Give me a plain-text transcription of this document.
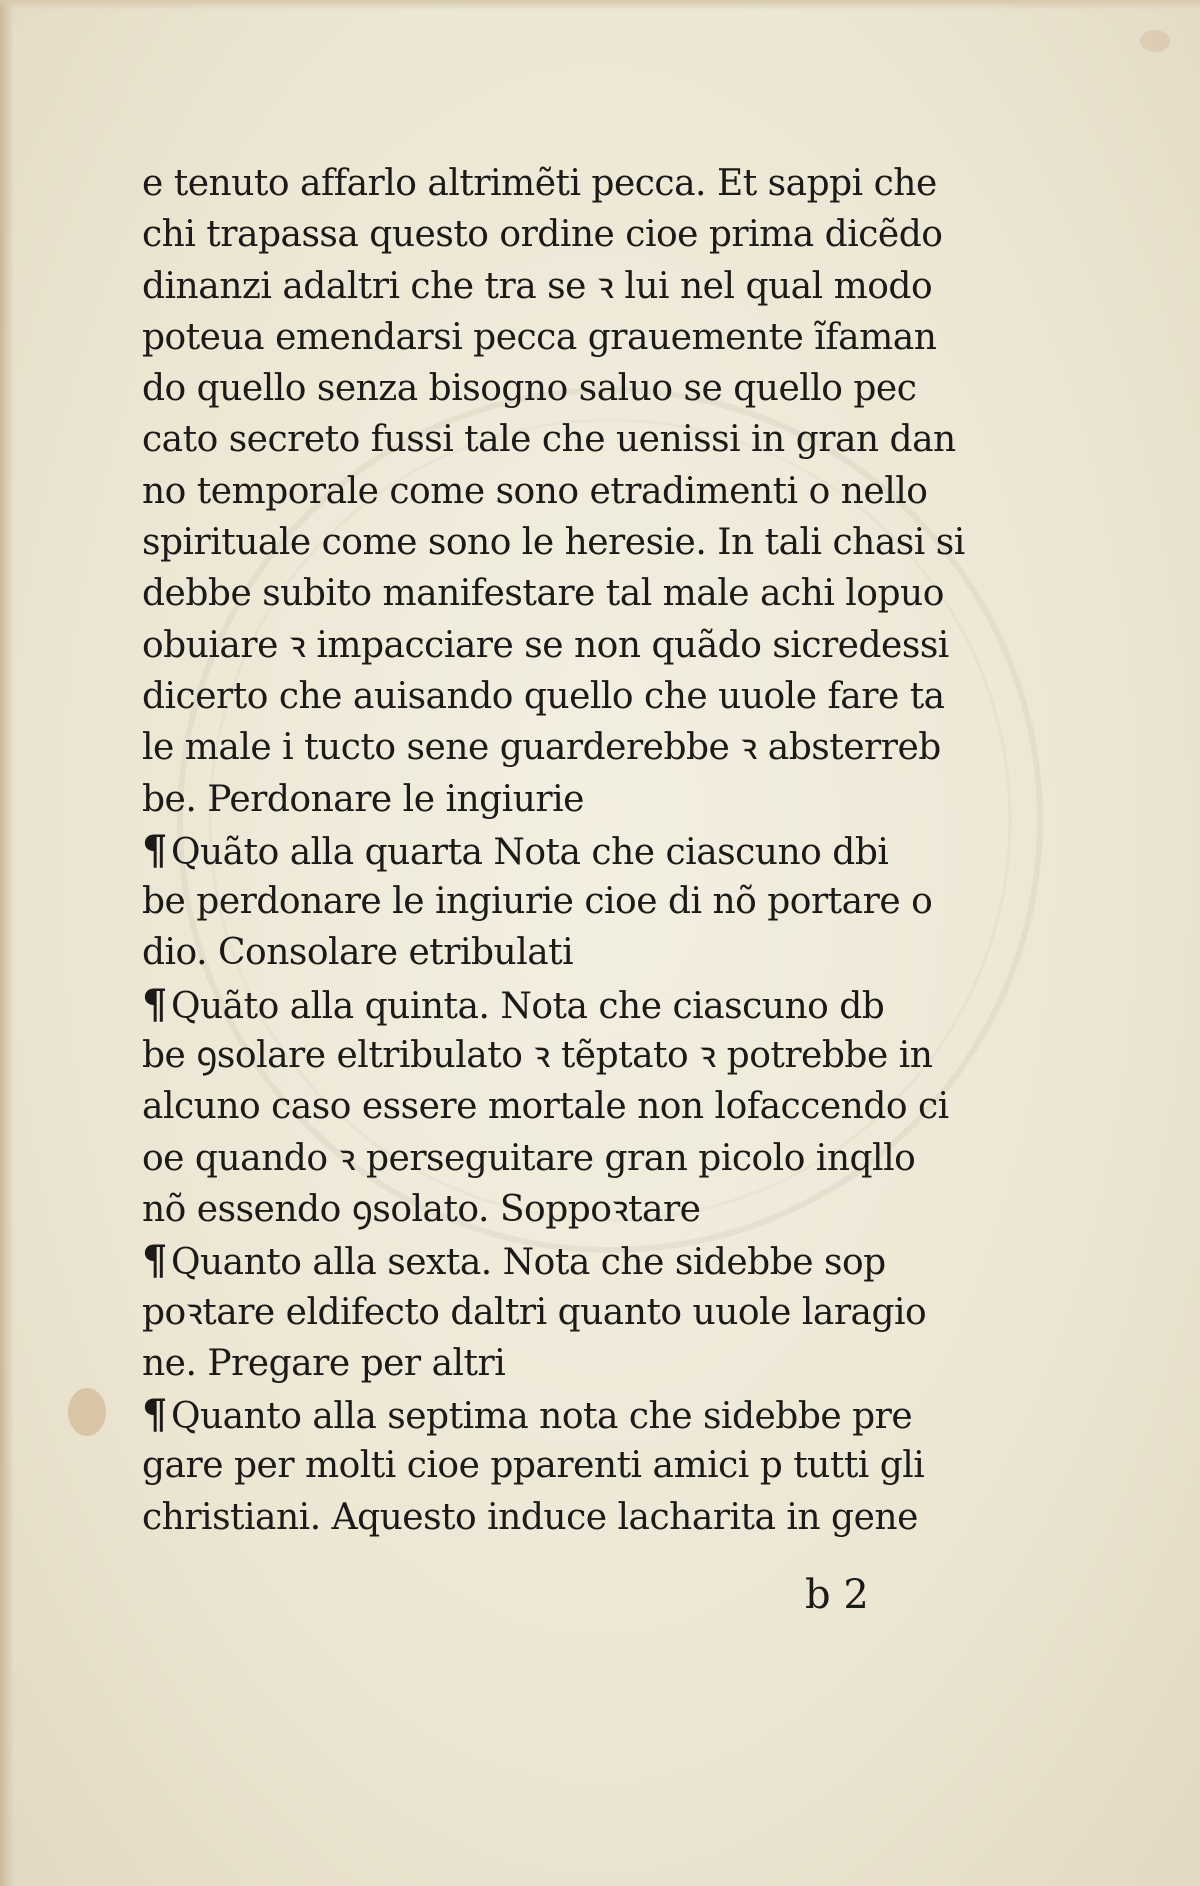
e tenuto affarlo altrimẽti pecca. Et sappi che
chi trapassa questo ordine cioe prima dicẽdo
dinanzi adaltri che tra se ꝛ lui nel qual modo
poteua emendarsi pecca grauemente ĩfaman
do quello senza bisogno saluo se quello pec
cato secreto fussi tale che uenissi in gran dan
no temporale come sono etradimenti o nello
spirituale come sono le heresie. In tali chasi si
debbe subito manifestare tal male achi lopuo
obuiare ꝛ impacciare se non quãdo sicredessi
dicerto che auisando quello che uuole fare ta
le male i tucto sene guarderebbe ꝛ absterreb
be. Perdonare le ingiurie
¶ Quãto alla quarta Nota che ciascuno dbi
be perdonare le ingiurie cioe di nõ portare o
dio. Consolare etribulati
¶ Quãto alla quinta. Nota che ciascuno db
be ꝯsolare eltribulato ꝛ tẽptato ꝛ potrebbe in
alcuno caso essere mortale non lofaccendo ci
oe quando ꝛ perseguitare gran picolo inqllo
nõ essendo ꝯsolato. Soppoꝛtare
¶ Quanto alla sexta. Nota che sidebbe sop
poꝛtare eldifecto daltri quanto uuole laragio
ne. Pregare per altri
¶ Quanto alla septima nota che sidebbe pre
gare per molti cioe pparenti amici p tutti gli
christiani. Aquesto induce lacharita in gene
b 2
